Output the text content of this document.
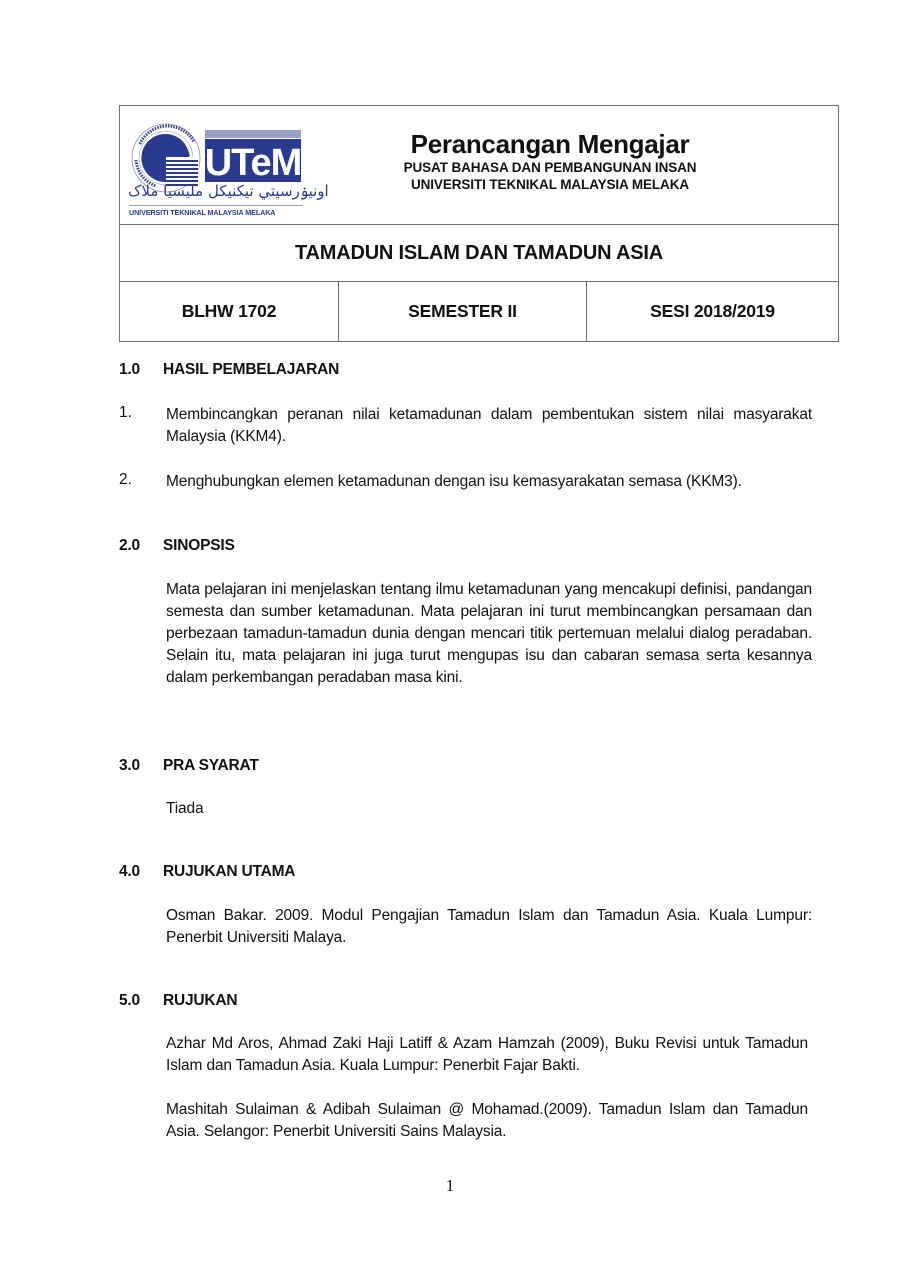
UTeM
اونيۏرسيتي تيکنيکل مليسيا ملاک
UNIVERSITI TEKNIKAL MALAYSIA MELAKA
Perancangan Mengajar
PUSAT BAHASA DAN PEMBANGUNAN INSAN
UNIVERSITI TEKNIKAL MALAYSIA MELAKA
TAMADUN ISLAM DAN TAMADUN ASIA
BLHW 1702	SEMESTER II	SESI 2018/2019
1.0 HASIL PEMBELAJARAN
1. Membincangkan peranan nilai ketamadunan dalam pembentukan sistem nilai masyarakat Malaysia (KKM4).
2. Menghubungkan elemen ketamadunan dengan isu kemasyarakatan semasa (KKM3).
2.0 SINOPSIS
Mata pelajaran ini menjelaskan tentang ilmu ketamadunan yang mencakupi definisi, pandangan semesta dan sumber ketamadunan. Mata pelajaran ini turut membincangkan persamaan dan perbezaan tamadun-tamadun dunia dengan mencari titik pertemuan melalui dialog peradaban. Selain itu, mata pelajaran ini juga turut mengupas isu dan cabaran semasa serta kesannya dalam perkembangan peradaban masa kini.
3.0 PRA SYARAT
Tiada
4.0 RUJUKAN UTAMA
Osman Bakar. 2009. Modul Pengajian Tamadun Islam dan Tamadun Asia. Kuala Lumpur: Penerbit Universiti Malaya.
5.0 RUJUKAN
Azhar Md Aros, Ahmad Zaki Haji Latiff & Azam Hamzah (2009), Buku Revisi untuk Tamadun Islam dan Tamadun Asia. Kuala Lumpur: Penerbit Fajar Bakti.
Mashitah Sulaiman & Adibah Sulaiman @ Mohamad.(2009). Tamadun Islam dan Tamadun Asia. Selangor: Penerbit Universiti Sains Malaysia.
1
